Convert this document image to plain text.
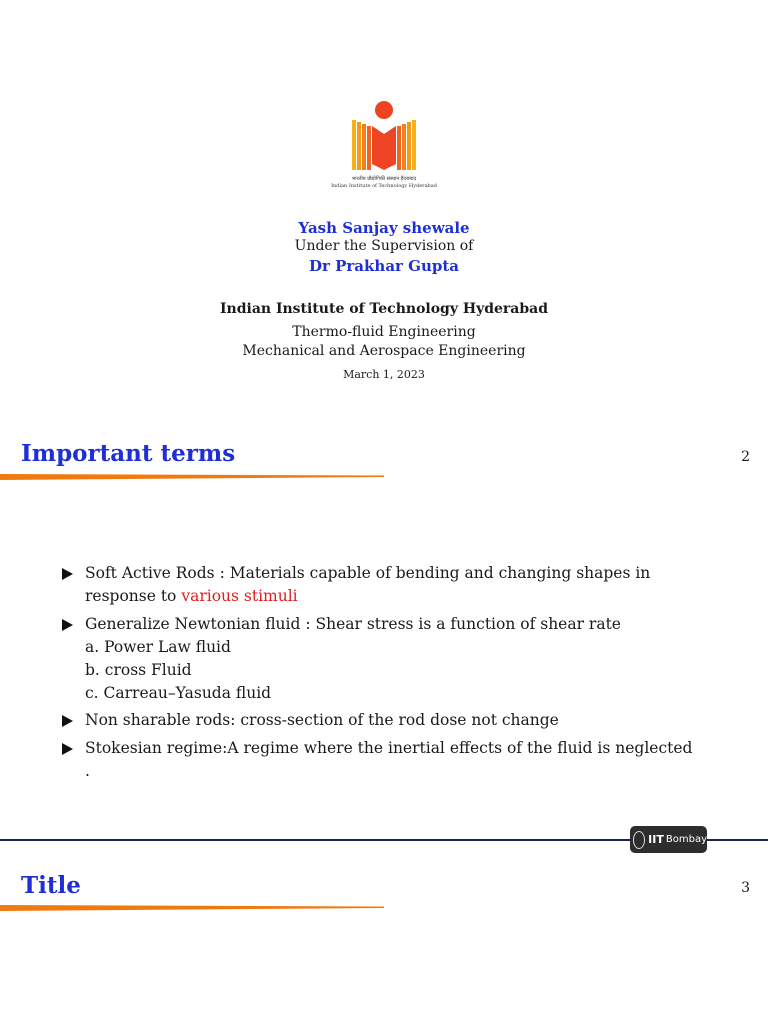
भारतीय प्रौद्योगिकी संस्थान हैदराबाद
Indian Institute of Technology Hyderabad
Yash Sanjay shewale
Under the Supervision of
Dr Prakhar Gupta
Indian Institute of Technology Hyderabad
Thermo-fluid Engineering
Mechanical and Aerospace Engineering
March 1, 2023
Important terms	2
Soft Active Rods : Materials capable of bending and changing shapes in
response to various stimuli
Generalize Newtonian fluid : Shear stress is a function of shear rate
a. Power Law fluid
b. cross Fluid
c. Carreau–Yasuda fluid
Non sharable rods: cross-section of the rod dose not change
Stokesian regime:A regime where the inertial effects of the fluid is neglected
.
IIT Bombay
Title	3
